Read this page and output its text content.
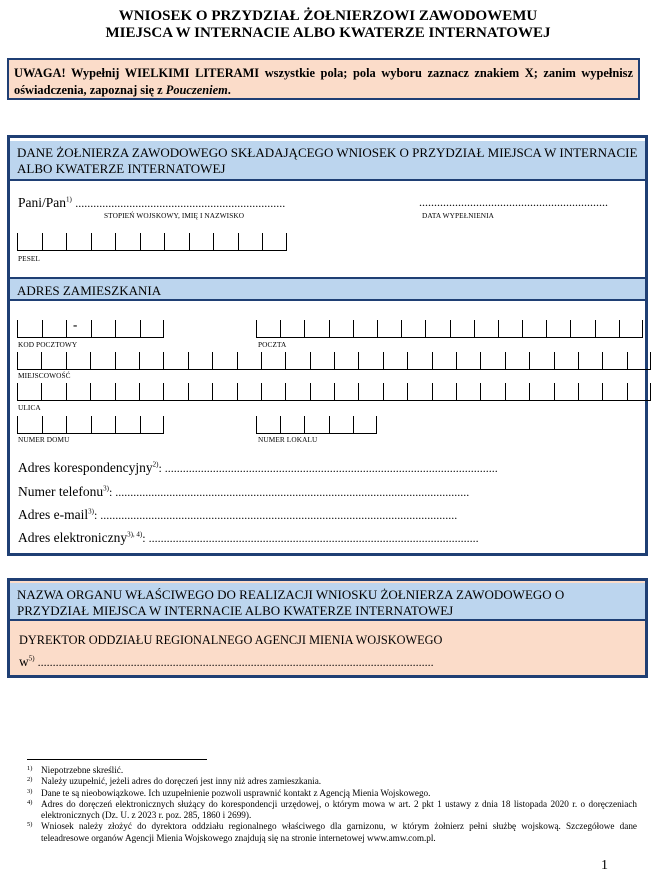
WNIOSEK O PRZYDZIAŁ ŻOŁNIERZOWI ZAWODOWEMU
MIEJSCA W INTERNACIE ALBO KWATERZE INTERNATOWEJ
UWAGA! Wypełnij WIELKIMI LITERAMI wszystkie pola; pola wyboru zaznacz znakiem X; zanim wypełnisz oświadczenia, zapoznaj się z Pouczeniem.
DANE ŻOŁNIERZA ZAWODOWEGO SKŁADAJĄCEGO WNIOSEK O PRZYDZIAŁ MIEJSCA W INTERNACIE ALBO KWATERZE INTERNATOWEJ
Pani/Pan$^{1)}$ ......................................................................	...............................................................
STOPIEŃ WOJSKOWY, IMIĘ I NAZWISKO	DATA WYPEŁNIENIA
PESEL
ADRES ZAMIESZKANIA
-
KOD POCZTOWY	POCZTA
MIEJSCOWOŚĆ
ULICA
NUMER DOMU	NUMER LOKALU
Adres korespondencyjny$^{2)}$: ...............................................................................................................
Numer telefonu$^{3)}$: ......................................................................................................................
Adres e-mail$^{3)}$: .......................................................................................................................
Adres elektroniczny$^{3), 4)}$: ..............................................................................................................
NAZWA ORGANU WŁAŚCIWEGO DO REALIZACJI WNIOSKU ŻOŁNIERZA ZAWODOWEGO O PRZYDZIAŁ MIEJSCA W INTERNACIE ALBO KWATERZE INTERNATOWEJ
DYREKTOR ODDZIAŁU REGIONALNEGO AGENCJI MIENIA WOJSKOWEGO
$w^{5)}$ ....................................................................................................................................
1) Niepotrzebne skreślić.
2) Należy uzupełnić, jeżeli adres do doręczeń jest inny niż adres zamieszkania.
3) Dane te są nieobowiązkowe. Ich uzupełnienie pozwoli usprawnić kontakt z Agencją Mienia Wojskowego.
4) Adres do doręczeń elektronicznych służący do korespondencji urzędowej, o którym mowa w art. 2 pkt 1 ustawy z dnia 18 listopada 2020 r. o doręczeniach elektronicznych (Dz. U. z 2023 r. poz. 285, 1860 i 2699).
5) Wniosek należy złożyć do dyrektora oddziału regionalnego właściwego dla garnizonu, w którym żołnierz pełni służbę wojskową. Szczegółowe dane teleadresowe organów Agencji Mienia Wojskowego znajdują się na stronie internetowej www.amw.com.pl.
1
